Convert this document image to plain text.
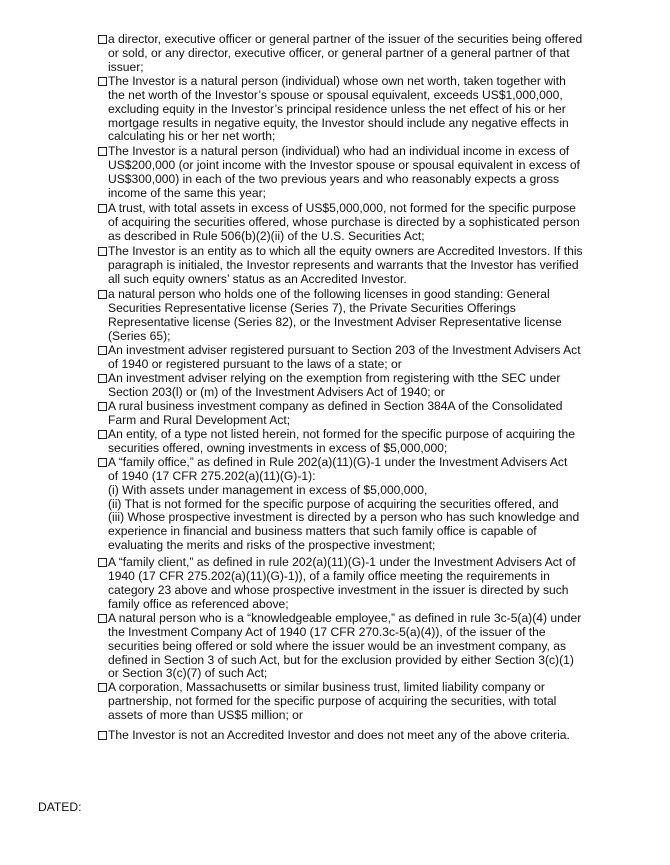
a director, executive officer or general partner of the issuer of the securities being offered
or sold, or any director, executive officer, or general partner of a general partner of that
issuer;
The Investor is a natural person (individual) whose own net worth, taken together with
the net worth of the Investor’s spouse or spousal equivalent, exceeds US$1,000,000,
excluding equity in the Investor’s principal residence unless the net effect of his or her
mortgage results in negative equity, the Investor should include any negative effects in
calculating his or her net worth;
The Investor is a natural person (individual) who had an individual income in excess of
US$200,000 (or joint income with the Investor spouse or spousal equivalent in excess of
US$300,000) in each of the two previous years and who reasonably expects a gross
income of the same this year;
A trust, with total assets in excess of US$5,000,000, not formed for the specific purpose
of acquiring the securities offered, whose purchase is directed by a sophisticated person
as described in Rule 506(b)(2)(ii) of the U.S. Securities Act;
The Investor is an entity as to which all the equity owners are Accredited Investors. If this
paragraph is initialed, the Investor represents and warrants that the Investor has verified
all such equity owners’ status as an Accredited Investor.
a natural person who holds one of the following licenses in good standing: General
Securities Representative license (Series 7), the Private Securities Offerings
Representative license (Series 82), or the Investment Adviser Representative license
(Series 65);
An investment adviser registered pursuant to Section 203 of the Investment Advisers Act
of 1940 or registered pursuant to the laws of a state; or
An investment adviser relying on the exemption from registering with tthe SEC under
Section 203(l) or (m) of the Investment Advisers Act of 1940; or
A rural business investment company as defined in Section 384A of the Consolidated
Farm and Rural Development Act;
An entity, of a type not listed herein, not formed for the specific purpose of acquiring the
securities offered, owning investments in excess of $5,000,000;
A “family office,” as defined in Rule 202(a)(11)(G)-1 under the Investment Advisers Act
of 1940 (17 CFR 275.202(a)(11)(G)-1):
(i) With assets under management in excess of $5,000,000,
(ii) That is not formed for the specific purpose of acquiring the securities offered, and
(iii) Whose prospective investment is directed by a person who has such knowledge and
experience in financial and business matters that such family office is capable of
evaluating the merits and risks of the prospective investment;
A “family client,” as defined in rule 202(a)(11)(G)-1 under the Investment Advisers Act of
1940 (17 CFR 275.202(a)(11)(G)-1)), of a family office meeting the requirements in
category 23 above and whose prospective investment in the issuer is directed by such
family office as referenced above;
A natural person who is a “knowledgeable employee,” as defined in rule 3c-5(a)(4) under
the Investment Company Act of 1940 (17 CFR 270.3c-5(a)(4)), of the issuer of the
securities being offered or sold where the issuer would be an investment company, as
defined in Section 3 of such Act, but for the exclusion provided by either Section 3(c)(1)
or Section 3(c)(7) of such Act;
A corporation, Massachusetts or similar business trust, limited liability company or
partnership, not formed for the specific purpose of acquiring the securities, with total
assets of more than US$5 million; or
The Investor is not an Accredited Investor and does not meet any of the above criteria.
DATED:
